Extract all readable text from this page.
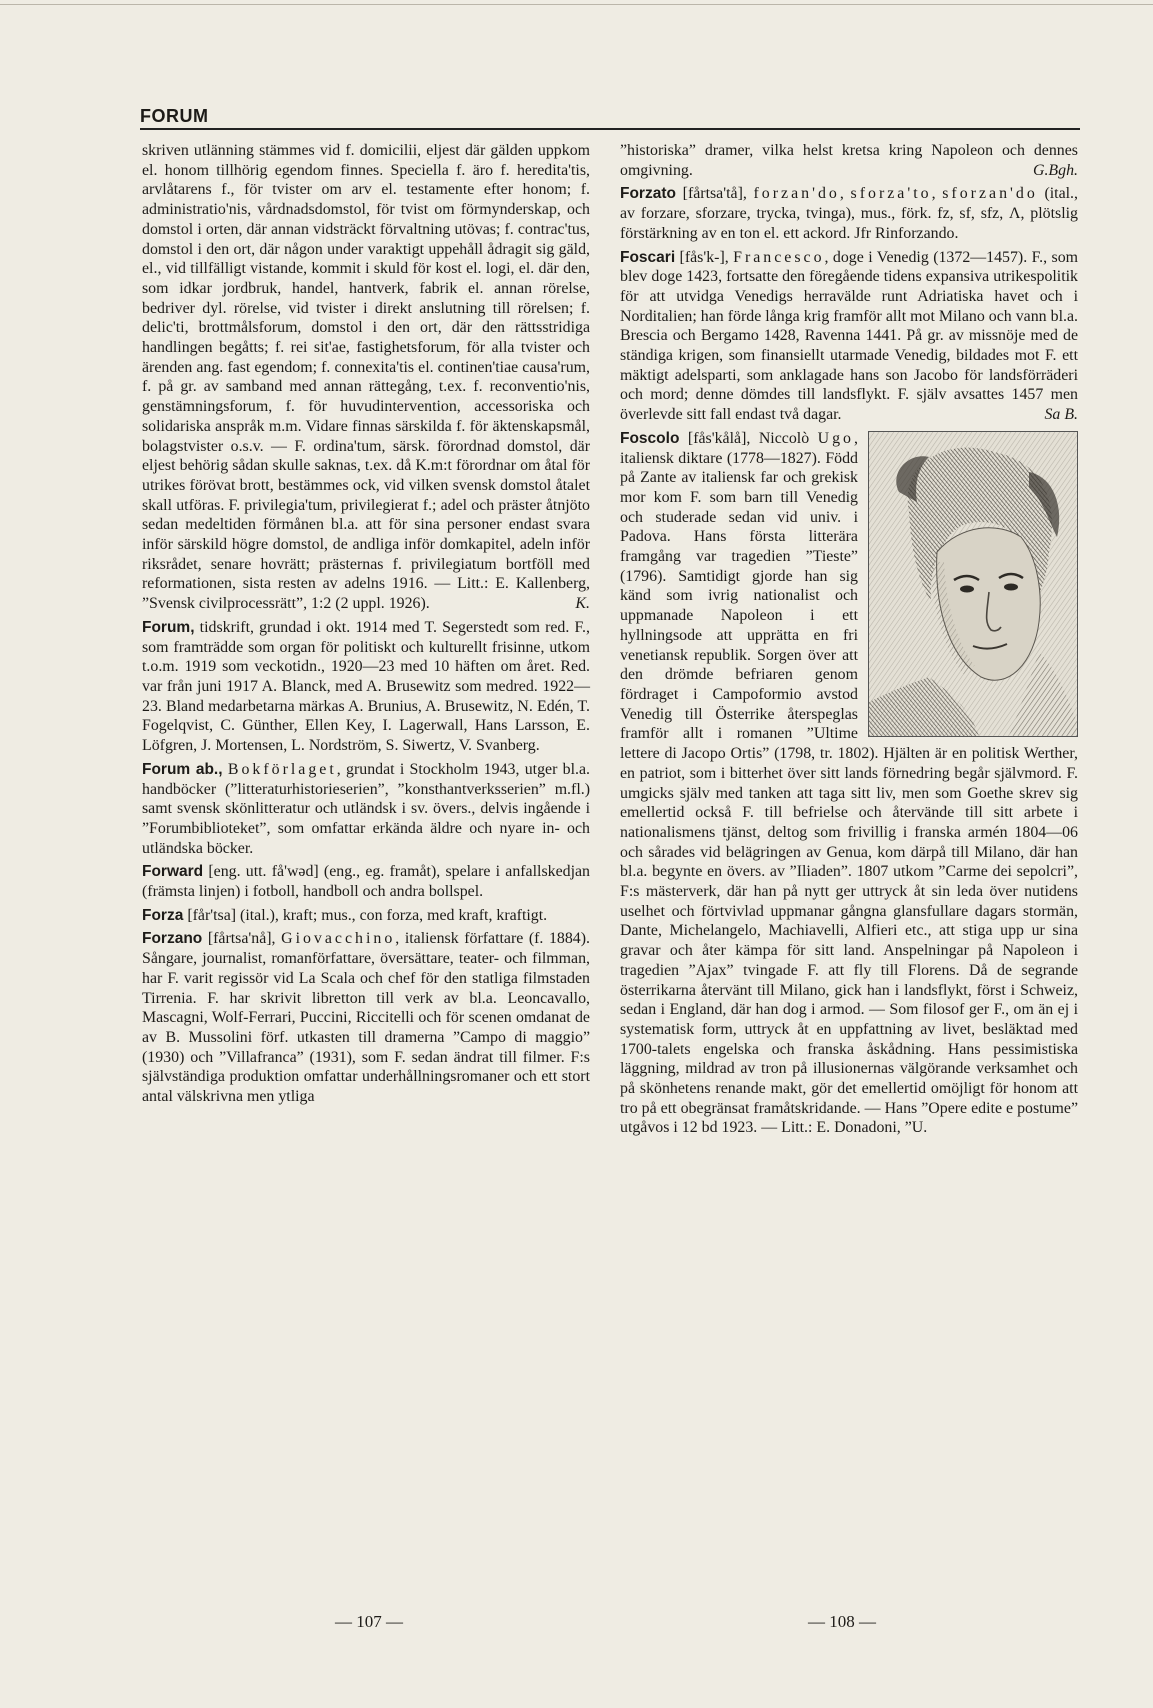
FORUM

skriven utlänning stämmes vid f. domicilii, eljest där gälden uppkom el. honom tillhörig egendom finnes. Speciella f. äro f. heredita'tis, arvlåtarens f., för tvister om arv el. testamente efter honom; f. administratio'nis, vårdnadsdomstol, för tvist om förmynderskap, och domstol i orten, där annan vidsträckt förvaltning utövas; f. contrac'tus, domstol i den ort, där någon under varaktigt uppehåll ådragit sig gäld, el., vid tillfälligt vistande, kommit i skuld för kost el. logi, el. där den, som idkar jordbruk, handel, hantverk, fabrik el. annan rörelse, bedriver dyl. rörelse, vid tvister i direkt anslutning till rörelsen; f. delic'ti, brottmålsforum, domstol i den ort, där den rättsstridiga handlingen begåtts; f. rei sit'ae, fastighetsforum, för alla tvister och ärenden ang. fast egendom; f. connexita'tis el. continen'tiae causa'rum, f. på gr. av samband med annan rättegång, t.ex. f. reconventio'nis, genstämningsforum, f. för huvudintervention, accessoriska och solidariska anspråk m.m. Vidare finnas särskilda f. för äktenskapsmål, bolagstvister o.s.v. — F. ordina'tum, särsk. förordnad domstol, där eljest behörig sådan skulle saknas, t.ex. då K.m:t förordnar om åtal för utrikes förövat brott, bestämmes ock, vid vilken svensk domstol åtalet skall utföras. F. privilegia'tum, privilegierat f.; adel och präster åtnjöto sedan medeltiden förmånen bl.a. att för sina personer endast svara inför särskild högre domstol, de andliga inför domkapitel, adeln inför riksrådet, senare hovrätt; prästernas f. privilegiatum bortföll med reformationen, sista resten av adelns 1916. — Litt.: E. Kallenberg, ”Svensk civilprocessrätt”, 1:2 (2 uppl. 1926).	K.

Forum, tidskrift, grundad i okt. 1914 med T. Segerstedt som red. F., som framträdde som organ för politiskt och kulturellt frisinne, utkom t.o.m. 1919 som veckotidn., 1920—23 med 10 häften om året. Red. var från juni 1917 A. Blanck, med A. Brusewitz som medred. 1922—23. Bland medarbetarna märkas A. Brunius, A. Brusewitz, N. Edén, T. Fogelqvist, C. Günther, Ellen Key, I. Lagerwall, Hans Larsson, E. Löfgren, J. Mortensen, L. Nordström, S. Siwertz, V. Svanberg.

Forum ab., Bokförlaget, grundat i Stockholm 1943, utger bl.a. handböcker (”litteraturhistorieserien”, ”konsthantverksserien” m.fl.) samt svensk skönlitteratur och utländsk i sv. övers., delvis ingående i ”Forumbiblioteket”, som omfattar erkända äldre och nyare in- och utländska böcker.

Forward [eng. utt. få'wəd] (eng., eg. framåt), spelare i anfallskedjan (främsta linjen) i fotboll, handboll och andra bollspel.

Forza [får'tsa] (ital.), kraft; mus., con forza, med kraft, kraftigt.

Forzano [fårtsa'nå], Giovacchino, italiensk författare (f. 1884). Sångare, journalist, romanförfattare, översättare, teater- och filmman, har F. varit regissör vid La Scala och chef för den statliga filmstaden Tirrenia. F. har skrivit libretton till verk av bl.a. Leoncavallo, Mascagni, Wolf-Ferrari, Puccini, Riccitelli och för scenen omdanat de av B. Mussolini förf. utkasten till dramerna ”Campo di maggio” (1930) och ”Villafranca” (1931), som F. sedan ändrat till filmer. F:s självständiga produktion omfattar underhållningsromaner och ett stort antal välskrivna men ytliga

”historiska” dramer, vilka helst kretsa kring Napoleon och dennes omgivning.	G.Bgh.

Forzato [fårtsa'tå], forzan'do, sforza'to, sforzan'do (ital., av forzare, sforzare, trycka, tvinga), mus., förk. fz, sf, sfz, Λ, plötslig förstärkning av en ton el. ett ackord. Jfr Rinforzando.

Foscari [fås'k-], Francesco, doge i Venedig (1372—1457). F., som blev doge 1423, fortsatte den föregående tidens expansiva utrikespolitik för att utvidga Venedigs herravälde runt Adriatiska havet och i Norditalien; han förde långa krig framför allt mot Milano och vann bl.a. Brescia och Bergamo 1428, Ravenna 1441. På gr. av missnöje med de ständiga krigen, som finansiellt utarmade Venedig, bildades mot F. ett mäktigt adelsparti, som anklagade hans son Jacobo för landsförräderi och mord; denne dömdes till landsflykt. F. själv avsattes 1457 men överlevde sitt fall endast två dagar.	Sa B.

Foscolo [fås'kålå], Niccolò Ugo
, italiensk diktare (1778—1827). Född på Zante av italiensk far och grekisk mor kom F. som barn till Venedig och studerade sedan vid univ. i Padova. Hans första litterära framgång var tragedien ”Tieste” (1796). Samtidigt gjorde han sig känd som ivrig nationalist och uppmanade Napoleon i ett hyllningsode att upprätta en fri venetiansk republik. Sorgen över att den drömde befriaren genom fördraget i Campoformio avstod Venedig till Österrike återspeglas framför allt i romanen ”Ultime lettere di Jacopo Ortis” (1798, tr. 1802). Hjälten är en politisk Werther, en patriot, som i bitterhet över sitt lands förnedring begår självmord. F. umgicks själv med tanken att taga sitt liv, men som Goethe skrev sig emellertid också F. till befrielse och återvände till sitt arbete i nationalismens tjänst, deltog som frivillig i franska armén 1804—06 och sårades vid belägringen av Genua, kom därpå till Milano, där han bl.a. begynte en övers. av ”Iliaden”. 1807 utkom ”Carme dei sepolcri”, F:s mästerverk, där han på nytt ger uttryck åt sin leda över nutidens uselhet och förtvivlad uppmanar gångna glansfullare dagars stormän, Dante, Michelangelo, Machiavelli, Alfieri etc., att stiga upp ur sina gravar och åter kämpa för sitt land. Anspelningar på Napoleon i tragedien ”Ajax” tvingade F. att fly till Florens. Då de segrande österrikarna återvänt till Milano, gick han i landsflykt, först i Schweiz, sedan i England, där han dog i armod. — Som filosof ger F., om än ej i systematisk form, uttryck åt en uppfattning av livet, besläktad med 1700-talets engelska och franska åskådning. Hans pessimistiska läggning, mildrad av tron på illusionernas välgörande verksamhet och på skönhetens renande makt, gör det emellertid omöjligt för honom att tro på ett obegränsat framåtskridande. — Hans ”Opere edite e postume” utgåvos i 12 bd 1923. — Litt.: E. Donadoni, ”U.

— 107 —	— 108 —
